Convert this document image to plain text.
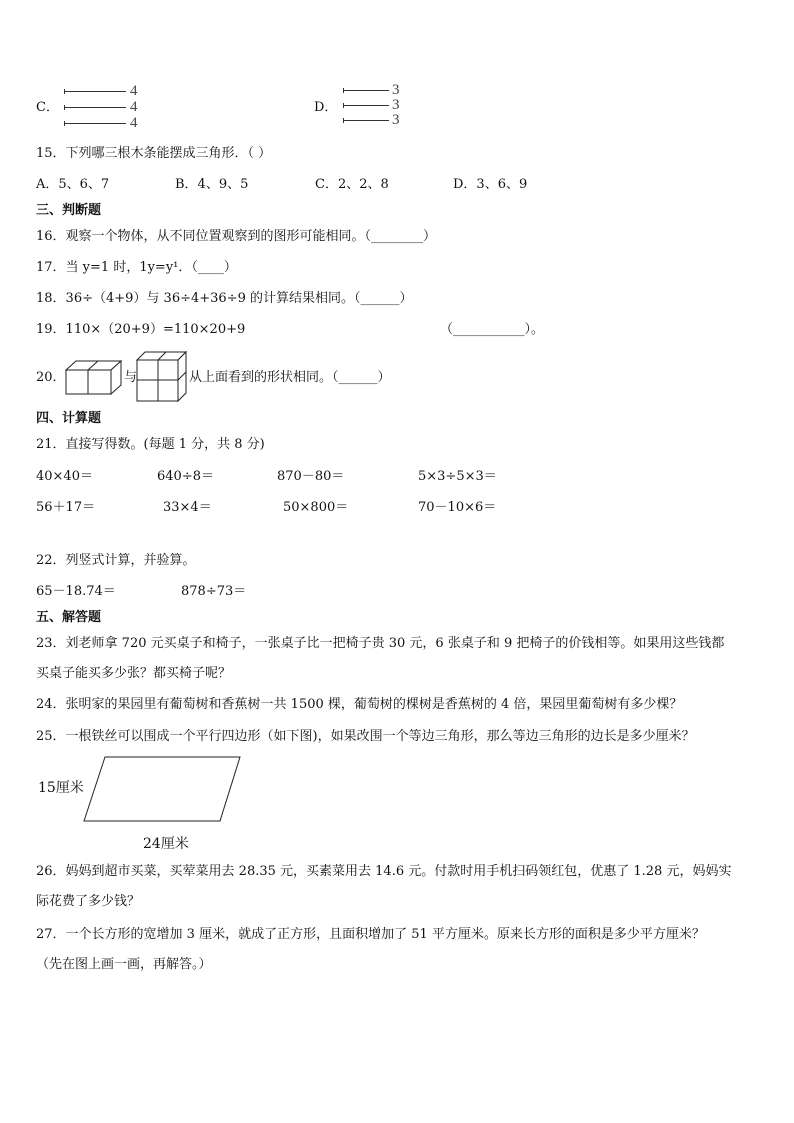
C．
4
4
4
D．
3
3
3
15．下列哪三根木条能摆成三角形．（ ）
A．5、6、7	B．4、9、5	C．2、2、8	D．3、6、9
三、判断题
16．观察一个物体，从不同位置观察到的图形可能相同。（________）
17．当 y=1 时，1y=y¹．（____）
18．36÷（4+9）与 36÷4+36÷9 的计算结果相同。（______）
19．110×（20+9）=110×20+9	（___________）。
20．	与	从上面看到的形状相同。（______）
四、计算题
21．直接写得数。(每题 1 分，共 8 分)
40×40＝	640÷8＝	870－80＝	5×3÷5×3＝
56＋17＝	33×4＝	50×800＝	70－10×6＝
22．列竖式计算，并验算。
65－18.74＝	878÷73＝
五、解答题
23．刘老师拿 720 元买桌子和椅子，一张桌子比一把椅子贵 30 元，6 张桌子和 9 把椅子的价钱相等。如果用这些钱都
买桌子能买多少张？都买椅子呢？
24．张明家的果园里有葡萄树和香蕉树一共 1500 棵，葡萄树的棵树是香蕉树的 4 倍，果园里葡萄树有多少棵？
25．一根铁丝可以围成一个平行四边形（如下图)，如果改围一个等边三角形，那么等边三角形的边长是多少厘米？
15厘米
24厘米
26．妈妈到超市买菜，买荤菜用去 28.35 元，买素菜用去 14.6 元。付款时用手机扫码领红包，优惠了 1.28 元，妈妈实
际花费了多少钱？
27．一个长方形的宽增加 3 厘米，就成了正方形，且面积增加了 51 平方厘米。原来长方形的面积是多少平方厘米？
（先在图上画一画，再解答。）
